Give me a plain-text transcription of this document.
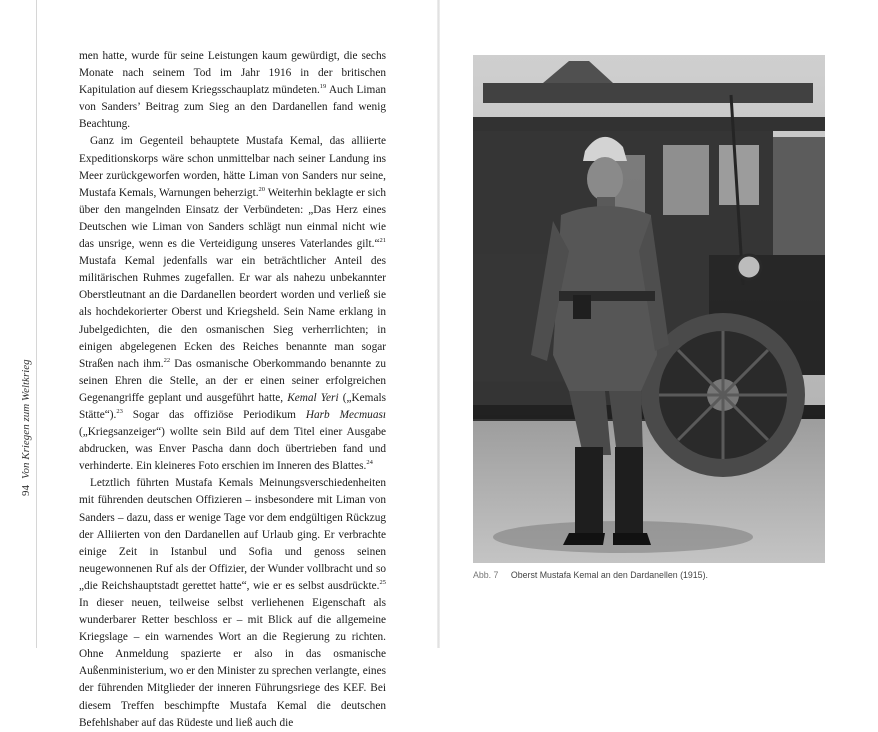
94
Von Kriegen zum Weltkrieg

men hatte, wurde für seine Leistungen kaum gewürdigt, die sechs Monate nach seinem Tod im Jahr 1916 in der britischen Kapitulation auf diesem Kriegsschauplatz mündeten.$^{19}$ Auch Liman von Sanders’ Beitrag zum Sieg an den Dardanellen fand wenig Beachtung.

Ganz im Gegenteil behauptete Mustafa Kemal, das alliierte Expeditionskorps wäre schon unmittelbar nach seiner Landung ins Meer zurückgeworfen worden, hätte Liman von Sanders nur seine, Mustafa Kemals, Warnungen beherzigt.$^{20}$ Weiterhin beklagte er sich über den mangelnden Einsatz der Verbündeten: „Das Herz eines Deutschen wie Liman von Sanders schlägt nun einmal nicht wie das unsrige, wenn es die Verteidigung unseres Vaterlandes gilt.“$^{21}$ Mustafa Kemal jedenfalls war ein beträchtlicher Anteil des militärischen Ruhmes zugefallen. Er war als nahezu unbekannter Oberstleutnant an die Dardanellen beordert worden und verließ sie als hochdekorierter Oberst und Kriegsheld. Sein Name erklang in Jubelgedichten, die den osmanischen Sieg verherrlichten; in einigen abgelegenen Ecken des Reiches benannte man sogar Straßen nach ihm.$^{22}$ Das osmanische Oberkommando benannte zu seinen Ehren die Stelle, an der er einen seiner erfolgreichen Gegenangriffe geplant und ausgeführt hatte, Kemal Yeri („Kemals Stätte“).$^{23}$ Sogar das offiziöse Periodikum Harb Mecmuası („Kriegsanzeiger“) wollte sein Bild auf dem Titel einer Ausgabe abdrucken, was Enver Pascha dann doch übertrieben fand und verhinderte. Ein kleineres Foto erschien im Inneren des Blattes.$^{24}$

Letztlich führten Mustafa Kemals Meinungsverschiedenheiten mit führenden deutschen Offizieren – insbesondere mit Liman von Sanders – dazu, dass er wenige Tage vor dem endgültigen Rückzug der Alliierten von den Dardanellen auf Urlaub ging. Er verbrachte einige Zeit in Istanbul und Sofia und genoss seinen neugewonnenen Ruf als der Offizier, der Wunder vollbracht und so „die Reichshauptstadt gerettet hatte“, wie er es selbst ausdrückte.$^{25}$ In dieser neuen, teilweise selbst verliehenen Eigenschaft als wunderbarer Retter beschloss er – mit Blick auf die allgemeine Kriegslage – ein warnendes Wort an die Regierung zu richten. Ohne Anmeldung spazierte er also in das osmanische Außenministerium, wo er den Minister zu sprechen verlangte, eines der führenden Mitglieder der inneren Führungsriege des KEF. Bei diesem Treffen beschimpfte Mustafa Kemal die deutschen Befehlshaber auf das Rüdeste und ließ auch die

Abb. 7 Oberst Mustafa Kemal an den Dardanellen (1915).
